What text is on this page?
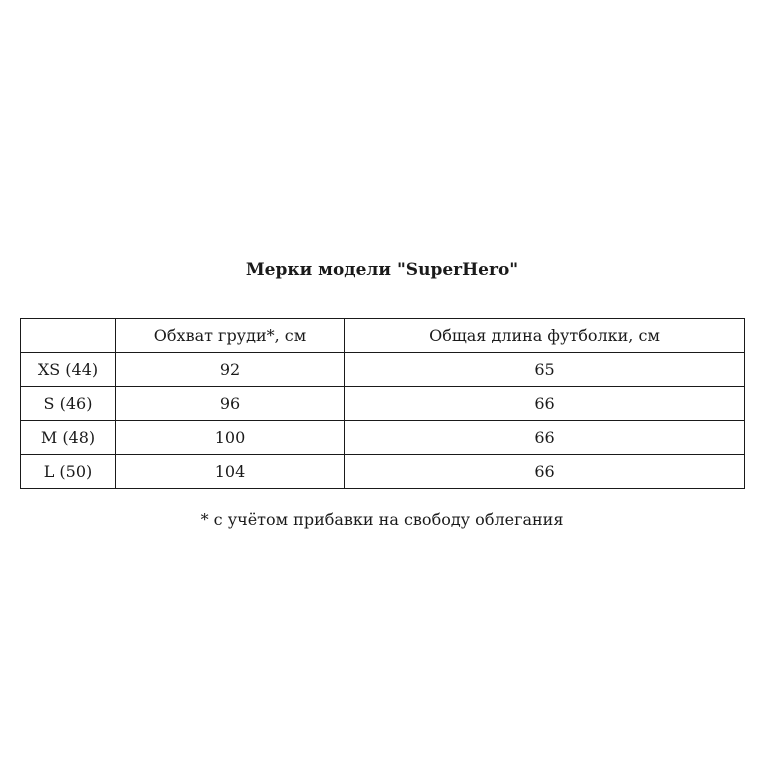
Мерки модели "SuperHero"
	Обхват груди*, см	Общая длина футболки, см
XS (44)	92	65
S (46)	96	66
M (48)	100	66
L (50)	104	66
* с учётом прибавки на свободу облегания
